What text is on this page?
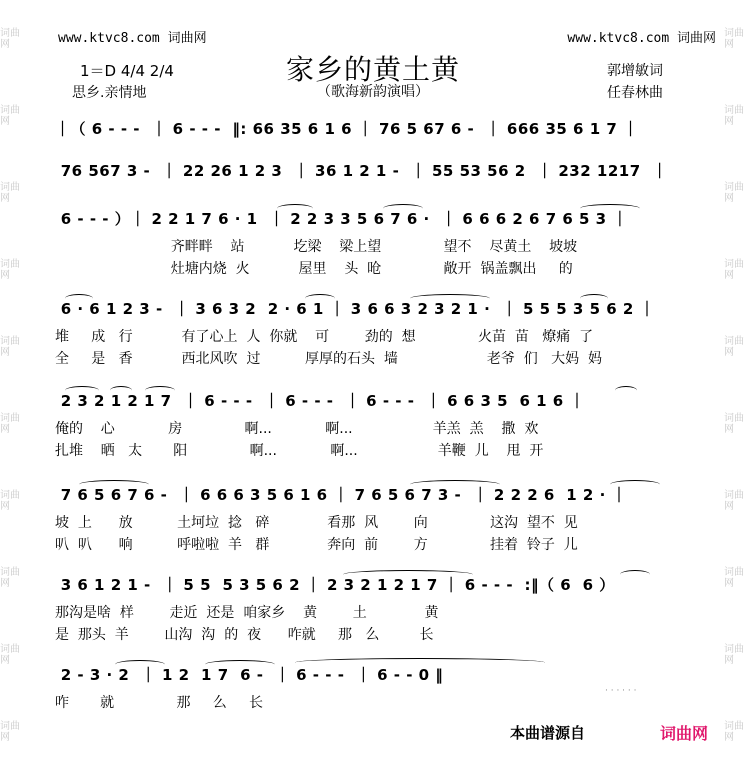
词曲网
词曲网
词曲网
词曲网
词曲网
词曲网
词曲网
词曲网
词曲网
词曲网
词曲网
词曲网
词曲网
词曲网
词曲网
词曲网
词曲网
词曲网
词曲网
词曲网
www.ktvc8.com 词曲网	www.ktvc8.com 词曲网
家乡的黄土黄
（歌海新韵演唱）
1＝D 4/4 2/4
思乡.亲情地
郭增敏词
任春林曲
｜（ 6 - - -  ｜ 6 - - -  ‖: 66 35 6 1 6 ｜ 76 5 67 6 -  ｜ 666 35 6 1 7 ｜
76 567 3 -  ｜ 22 26 1 2 3  ｜ 36 1 2 1 -  ｜ 55 53 56 2  ｜ 232 1217  ｜
6 - - - ）｜ 2 2 1 7 6 · 1  ｜ 2 2 3 3 5 6 7 6 ·  ｜ 6 6 6 2 6 7 6 5 3 ｜
齐畔畔    站           圪梁    梁上望              望不    尽黄土    坡坡
灶塘内烧  火           屋里    头  呛              敞开  锅盖飘出     的
6 · 6 1 2 3 -  ｜ 3 6 3 2  2 · 6 1 ｜ 3 6 6 3 2 3 2 1 ·  ｜ 5 5 5 3 5 6 2 ｜
堆     成   行           有了心上  人  你就    可        劲的  想              火苗  苗   燎痛  了
全     是   香           西北风吹  过          厚厚的石头  墙                    老爷  们   大妈  妈
2 3 2 1 2 1 7  ｜ 6 - - -  ｜ 6 - - -  ｜ 6 - - -  ｜ 6 6 3 5  6 1 6 ｜
俺的    心            房              啊...            啊...                  羊羔  羔    撒  欢
扎堆    晒   太       阳              啊...            啊...                  羊鞭  儿    甩  开
7 6 5 6 7 6 -  ｜ 6 6 6 3 5 6 1 6 ｜ 7 6 5 6 7 3 -  ｜ 2 2 2 6  1 2 · ｜
坡  上      放          土坷垃  捻   碎             看那  风        向              这沟  望不  见
叭  叭      响          呼啦啦  羊   群             奔向  前        方              挂着  铃子  儿
3 6 1 2 1 -  ｜ 5 5  5 3 5 6 2 ｜ 2 3 2 1 2 1 7 ｜ 6 - - -  :‖（ 6  6 ）
那沟是啥  样        走近  还是  咱家乡    黄        土             黄
是  那头  羊        山沟  沟  的  夜      咋就     那   么         长
2 - 3 · 2  ｜ 1 2  1 7  6 -  ｜ 6 - - -  ｜ 6 - - 0 ‖
咋       就              那     么     长
· · · · · ·
本曲谱源自	词曲网
